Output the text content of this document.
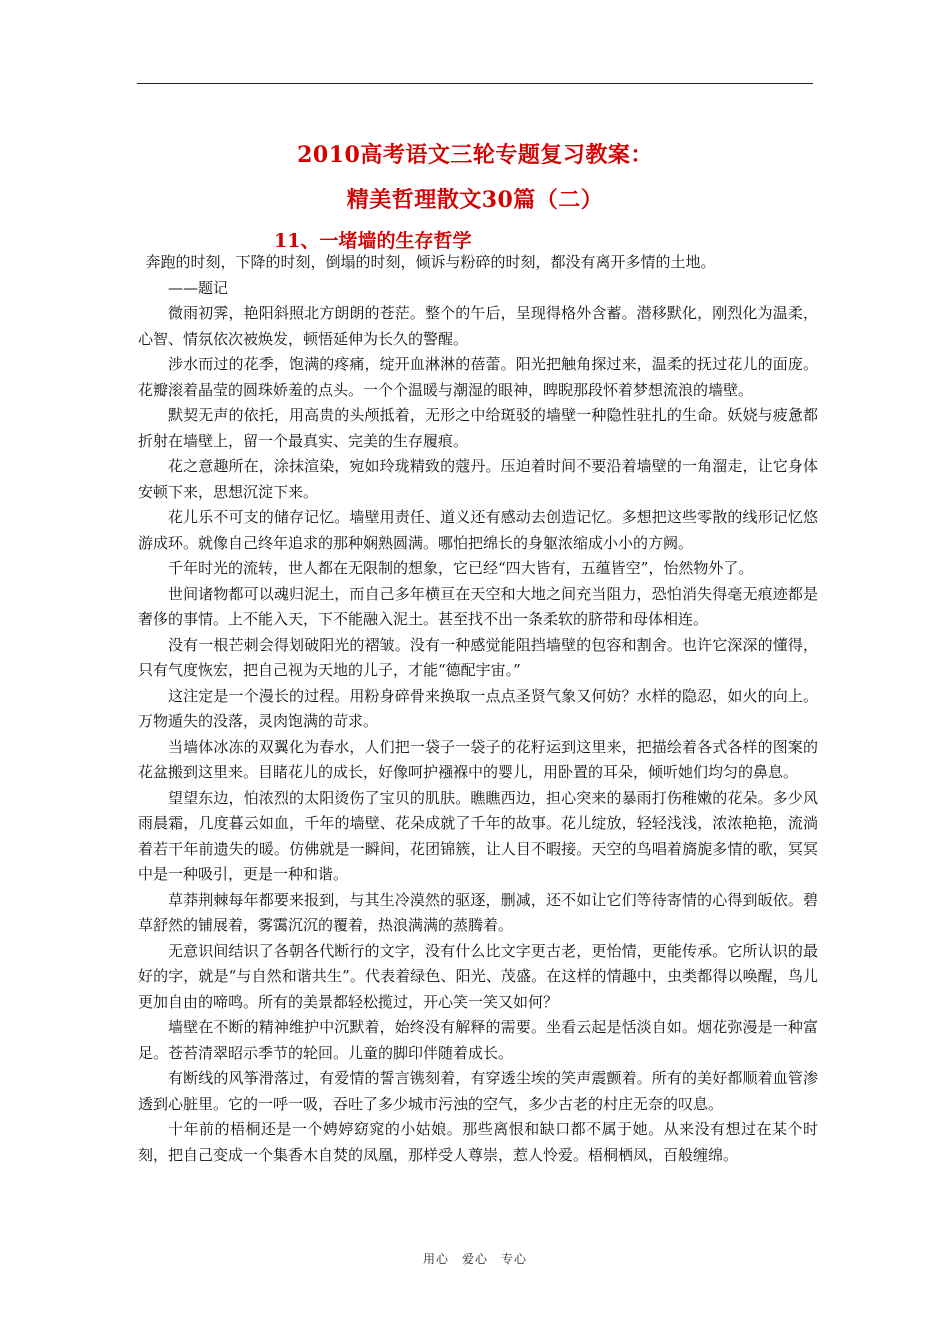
2010高考语文三轮专题复习教案：
精美哲理散文30篇（二）
11、一堵墙的生存哲学

奔跑的时刻，下降的时刻，倒塌的时刻，倾诉与粉碎的时刻，都没有离开多情的土地。

——题记

微雨初霁，艳阳斜照北方朗朗的苍茫。整个的午后，呈现得格外含蓄。潜移默化，刚烈化为温柔，心智、情氛依次被焕发，顿悟延伸为长久的警醒。

涉水而过的花季，饱满的疼痛，绽开血淋淋的蓓蕾。阳光把触角探过来，温柔的抚过花儿的面庞。花瓣滚着晶莹的圆珠娇羞的点头。一个个温暖与潮湿的眼神，睥睨那段怀着梦想流浪的墙壁。

默契无声的依托，用高贵的头颅抵着，无形之中给斑驳的墙壁一种隐性驻扎的生命。妖娆与疲惫都折射在墙壁上，留一个最真实、完美的生存履痕。

花之意趣所在，涂抹渲染，宛如玲珑精致的蔻丹。压迫着时间不要沿着墙壁的一角溜走，让它身体安顿下来，思想沉淀下来。

花儿乐不可支的储存记忆。墙壁用责任、道义还有感动去创造记忆。多想把这些零散的线形记忆悠游成环。就像自己终年追求的那种娴熟圆满。哪怕把绵长的身躯浓缩成小小的方阙。

千年时光的流转，世人都在无限制的想象，它已经“四大皆有，五蕴皆空”，怡然物外了。

世间诸物都可以魂归泥土，而自己多年横亘在天空和大地之间充当阻力，恐怕消失得毫无痕迹都是奢侈的事情。上不能入天，下不能融入泥土。甚至找不出一条柔软的脐带和母体相连。

没有一根芒刺会得划破阳光的褶皱。没有一种感觉能阻挡墙壁的包容和割舍。也许它深深的懂得，只有气度恢宏，把自己视为天地的儿子，才能“德配宇宙。”

这注定是一个漫长的过程。用粉身碎骨来换取一点点圣贤气象又何妨？水样的隐忍，如火的向上。万物遁失的没落，灵肉饱满的苛求。

当墙体冰冻的双翼化为春水，人们把一袋子一袋子的花籽运到这里来，把描绘着各式各样的图案的花盆搬到这里来。目睹花儿的成长，好像呵护襁褓中的婴儿，用卧置的耳朵，倾听她们均匀的鼻息。

望望东边，怕浓烈的太阳烫伤了宝贝的肌肤。瞧瞧西边，担心突来的暴雨打伤稚嫩的花朵。多少风雨晨霜，几度暮云如血，千年的墙壁、花朵成就了千年的故事。花儿绽放，轻轻浅浅，浓浓艳艳，流淌着若干年前遗失的暖。仿佛就是一瞬间，花团锦簇，让人目不暇接。天空的鸟唱着旖旎多情的歌，冥冥中是一种吸引，更是一种和谐。

草莽荆棘每年都要来报到，与其生冷漠然的驱逐，删减，还不如让它们等待寄情的心得到皈依。碧草舒然的铺展着，雾霭沉沉的覆着，热浪满满的蒸腾着。

无意识间结识了各朝各代断行的文字，没有什么比文字更古老，更怡情，更能传承。它所认识的最好的字，就是“与自然和谐共生”。代表着绿色、阳光、茂盛。在这样的情趣中，虫类都得以唤醒，鸟儿更加自由的啼鸣。所有的美景都轻松揽过，开心笑一笑又如何？

墙壁在不断的精神维护中沉默着，始终没有解释的需要。坐看云起是恬淡自如。烟花弥漫是一种富足。苍苔清翠昭示季节的轮回。儿童的脚印伴随着成长。

有断线的风筝滑落过，有爱情的誓言镌刻着，有穿透尘埃的笑声震颤着。所有的美好都顺着血管渗透到心脏里。它的一呼一吸，吞吐了多少城市污浊的空气，多少古老的村庄无奈的叹息。

十年前的梧桐还是一个娉婷窈窕的小姑娘。那些离恨和缺口都不属于她。从来没有想过在某个时刻，把自己变成一个集香木自焚的凤凰，那样受人尊崇，惹人怜爱。梧桐栖凤，百般缠绵。

用心　爱心　专心
